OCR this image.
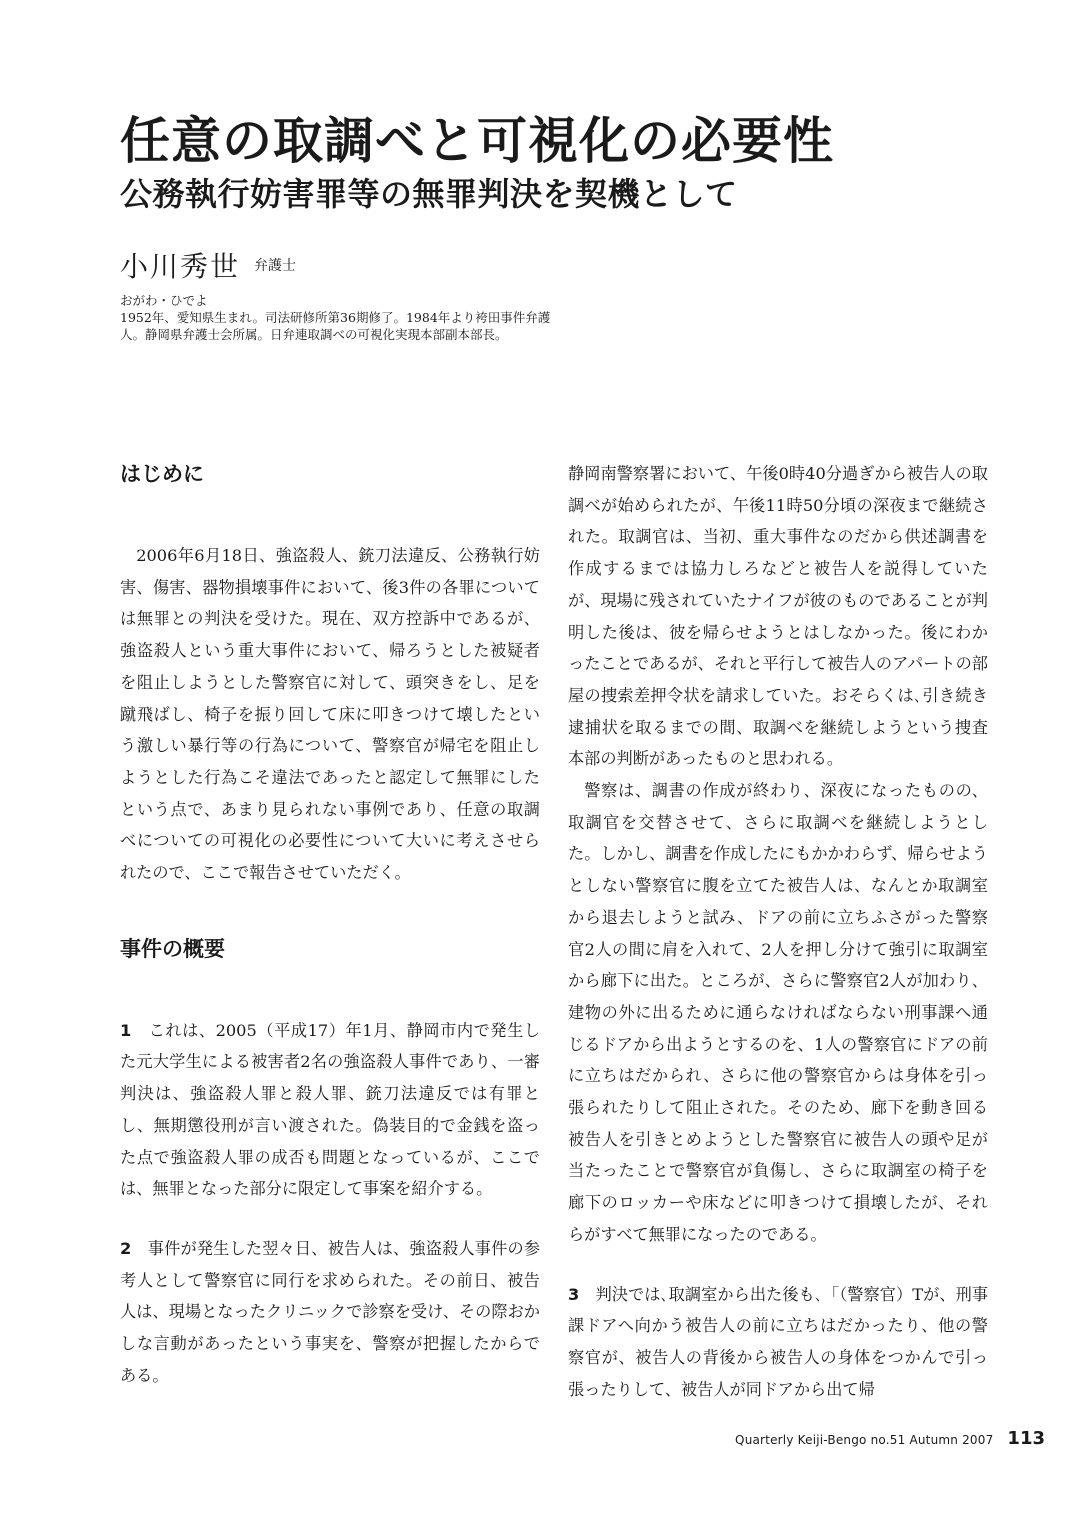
任意の取調べと可視化の必要性
公務執行妨害罪等の無罪判決を契機として
小川秀世 弁護士
おがわ・ひでよ
1952年、愛知県生まれ。司法研修所第36期修了。1984年より袴田事件弁護人。静岡県弁護士会所属。日弁連取調べの可視化実現本部副本部長。
はじめに

2006年6月18日、強盗殺人、銃刀法違反、公務執行妨害、傷害、器物損壊事件において、後3件の各罪については無罪との判決を受けた。現在、双方控訴中であるが、強盗殺人という重大事件において、帰ろうとした被疑者を阻止しようとした警察官に対して、頭突きをし、足を蹴飛ばし、椅子を振り回して床に叩きつけて壊したという激しい暴行等の行為について、警察官が帰宅を阻止しようとした行為こそ違法であったと認定して無罪にしたという点で、あまり見られない事例であり、任意の取調べについての可視化の必要性について大いに考えさせられたので、ここで報告させていただく。

事件の概要

1　 これは、2005（平成17）年1月、静岡市内で発生した元大学生による被害者2名の強盗殺人事件であり、一審判決は、強盗殺人罪と殺人罪、銃刀法違反では有罪とし、無期懲役刑が言い渡された。偽装目的で金銭を盗った点で強盗殺人罪の成否も問題となっているが、ここでは、無罪となった部分に限定して事案を紹介する。

2　 事件が発生した翌々日、被告人は、強盗殺人事件の参考人として警察官に同行を求められた。その前日、被告人は、現場となったクリニックで診察を受け、その際おかしな言動があったという事実を、警察が把握したからである。

静岡南警察署において、午後0時40分過ぎから被告人の取調べが始められたが、午後11時50分頃の深夜まで継続された。取調官は、当初、重大事件なのだから供述調書を作成するまでは協力しろなどと被告人を説得していたが、現場に残されていたナイフが彼のものであることが判明した後は、彼を帰らせようとはしなかった。後にわかったことであるが、それと平行して被告人のアパートの部屋の捜索差押令状を請求していた。おそらくは､引き続き逮捕状を取るまでの間、取調べを継続しようという捜査本部の判断があったものと思われる。

警察は、調書の作成が終わり、深夜になったものの、取調官を交替させて、さらに取調べを継続しようとした。しかし、調書を作成したにもかかわらず、帰らせようとしない警察官に腹を立てた被告人は、なんとか取調室から退去しようと試み、ドアの前に立ちふさがった警察官2人の間に肩を入れて、2人を押し分けて強引に取調室から廊下に出た。ところが、さらに警察官2人が加わり、建物の外に出るために通らなければならない刑事課へ通じるドアから出ようとするのを、1人の警察官にドアの前に立ちはだかられ、さらに他の警察官からは身体を引っ張られたりして阻止された。そのため、廊下を動き回る被告人を引きとめようとした警察官に被告人の頭や足が当たったことで警察官が負傷し、さらに取調室の椅子を廊下のロッカーや床などに叩きつけて損壊したが、それらがすべて無罪になったのである。

3　 判決では､取調室から出た後も､「（警察官）Tが、刑事課ドアへ向かう被告人の前に立ちはだかったり、他の警察官が、被告人の背後から被告人の身体をつかんで引っ張ったりして、被告人が同ドアから出て帰

Quarterly Keiji-Bengo no.51 Autumn 2007 113
